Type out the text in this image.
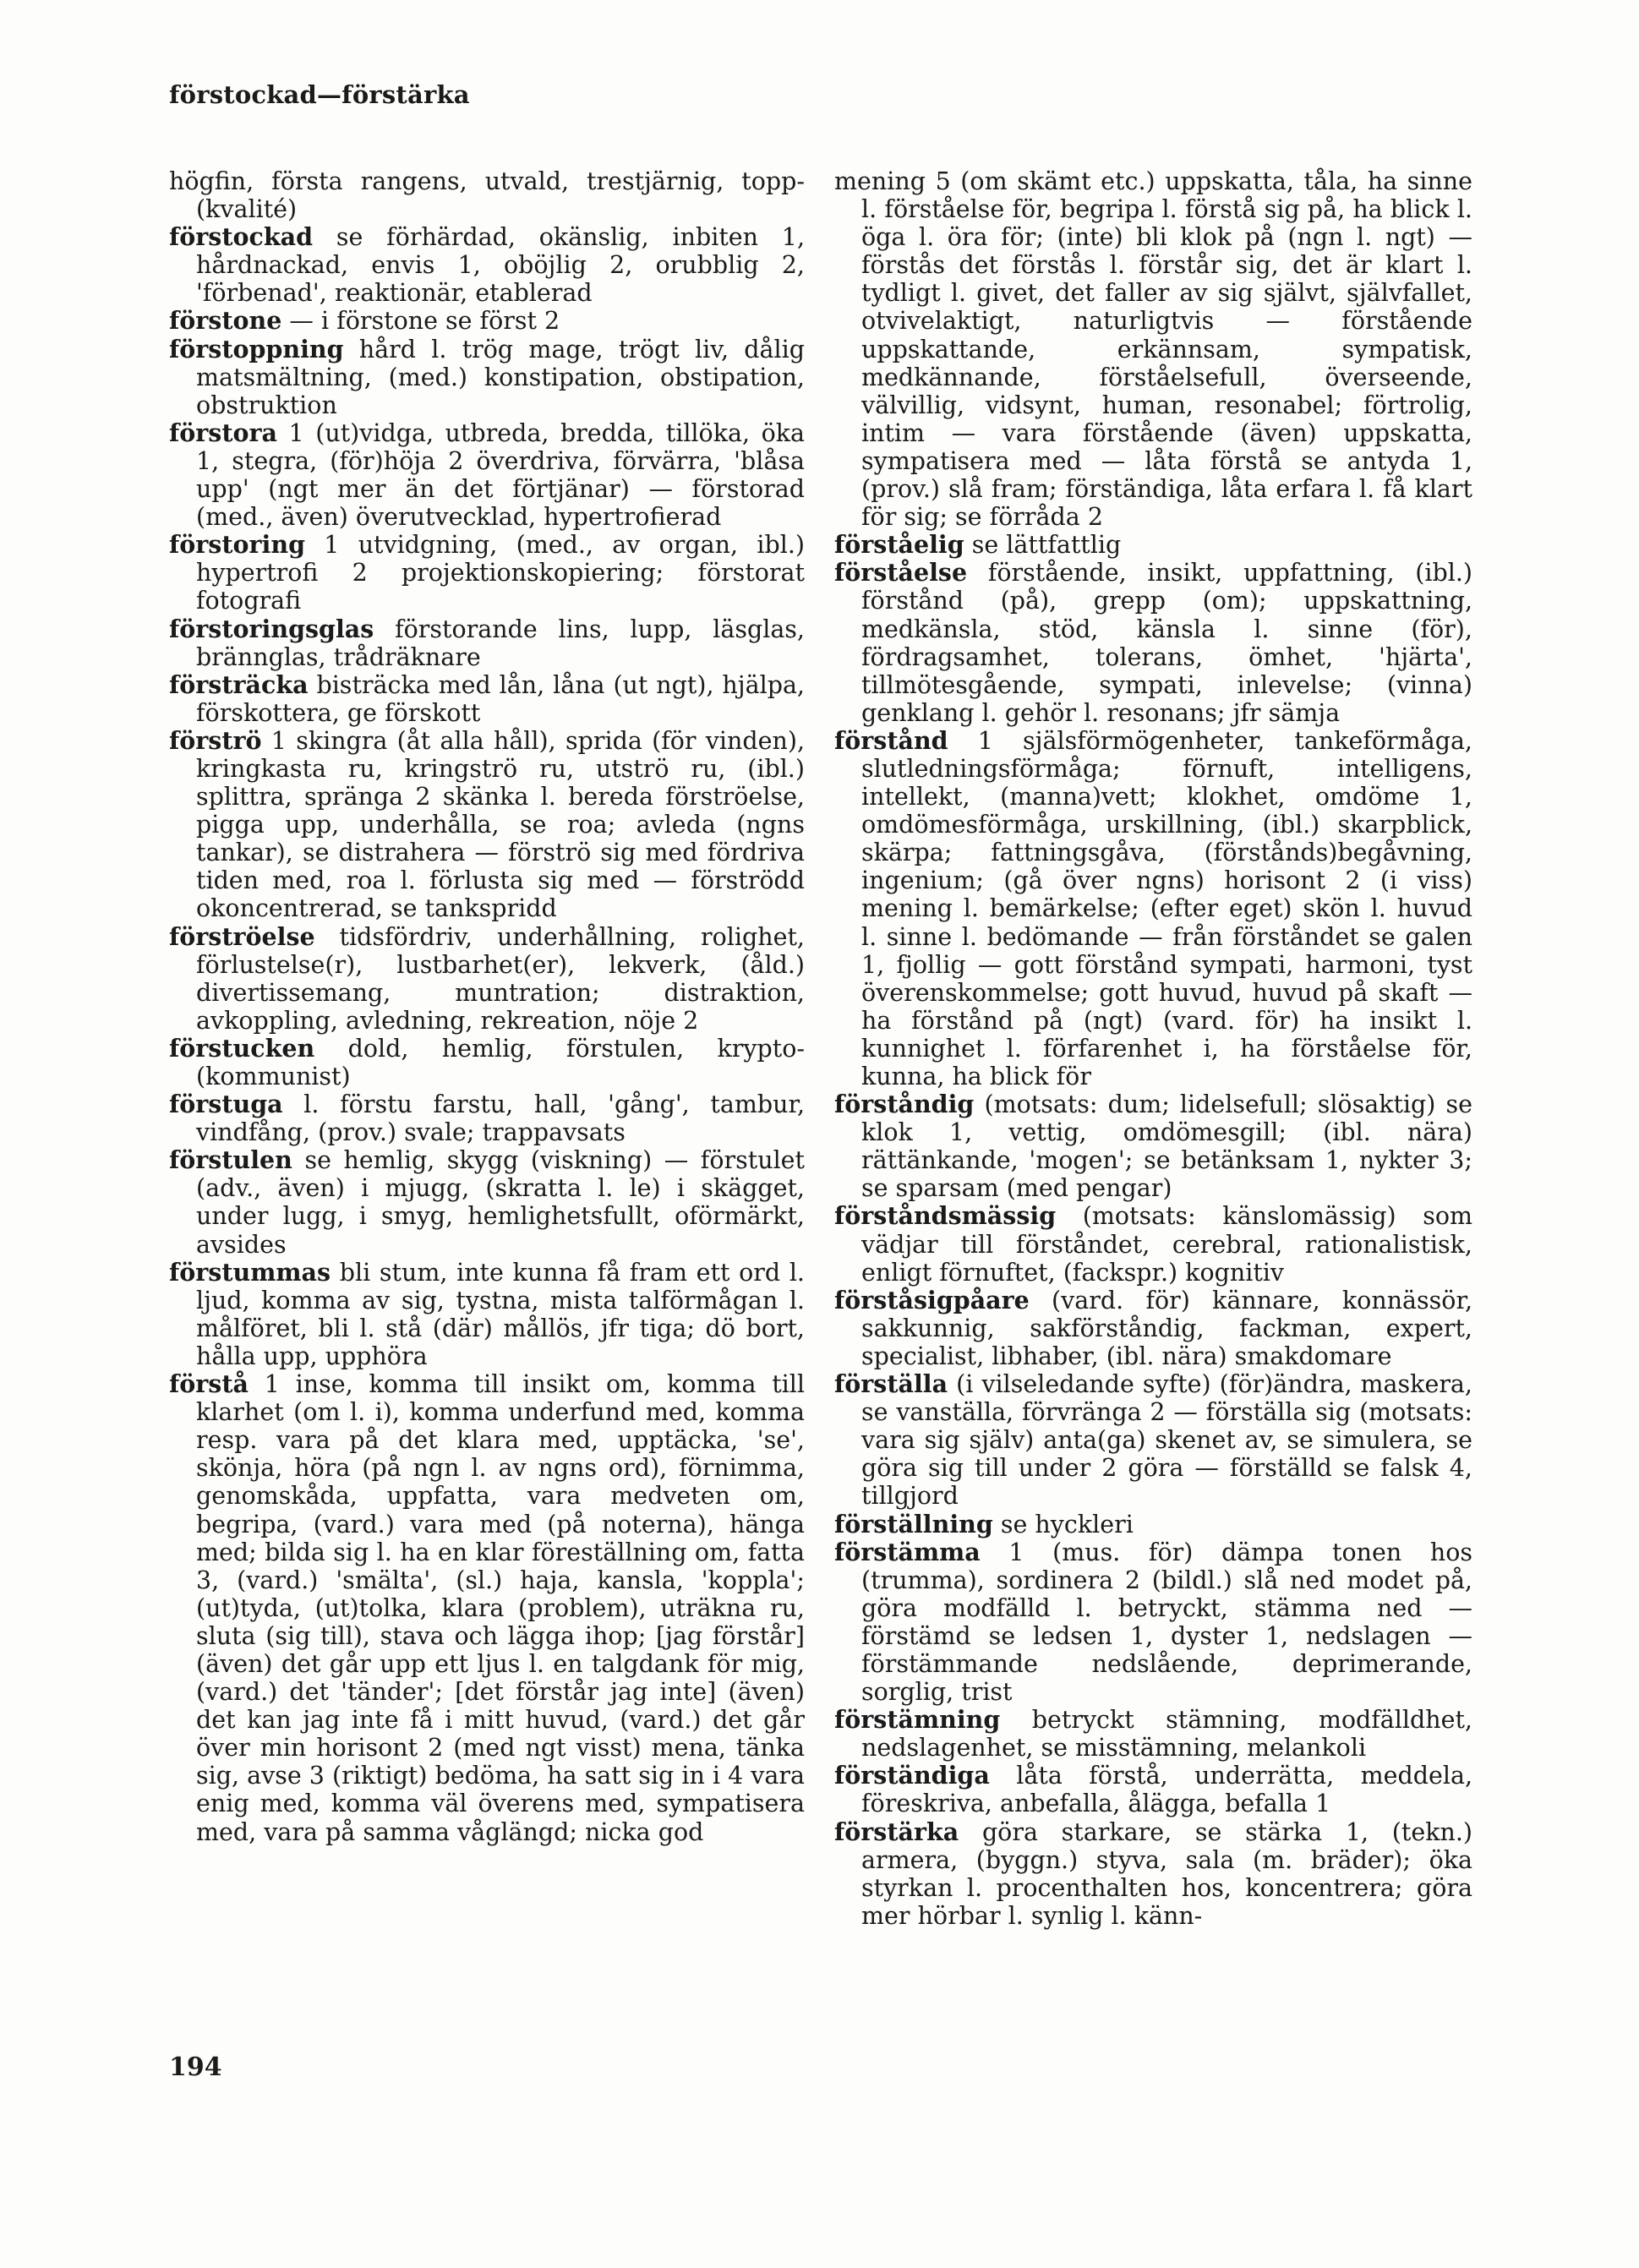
förstockad—förstärka

högfin, första rangens, utvald, trestjärnig, topp-(kvalité)

förstockad se förhärdad, okänslig, inbiten 1, hårdnackad, envis 1, oböjlig 2, orubblig 2, 'förbenad', reaktionär, etablerad

förstone — i förstone se först 2

förstoppning hård l. trög mage, trögt liv, dålig matsmältning, (med.) konstipation, obstipation, obstruktion

förstora 1 (ut)vidga, utbreda, bredda, tillöka, öka 1, stegra, (för)höja 2 överdriva, förvärra, 'blåsa upp' (ngt mer än det förtjänar) — förstorad (med., även) överutvecklad, hypertrofierad

förstoring 1 utvidgning, (med., av organ, ibl.) hypertrofi 2 projektionskopiering; förstorat fotografi

förstoringsglas förstorande lins, lupp, läsglas, brännglas, trådräknare

försträcka bisträcka med lån, låna (ut ngt), hjälpa, förskottera, ge förskott

förströ 1 skingra (åt alla håll), sprida (för vinden), kringkasta ru, kringströ ru, utströ ru, (ibl.) splittra, spränga 2 skänka l. bereda förströelse, pigga upp, underhålla, se roa; avleda (ngns tankar), se distrahera — förströ sig med fördriva tiden med, roa l. förlusta sig med — förströdd okoncentrerad, se tankspridd

förströelse tidsfördriv, underhållning, rolighet, förlustelse(r), lustbarhet(er), lekverk, (åld.) divertissemang, muntration; distraktion, avkoppling, avledning, rekreation, nöje 2

förstucken dold, hemlig, förstulen, krypto-(kommunist)

förstuga l. förstu farstu, hall, 'gång', tambur, vindfång, (prov.) svale; trappavsats

förstulen se hemlig, skygg (viskning) — förstulet (adv., även) i mjugg, (skratta l. le) i skägget, under lugg, i smyg, hemlighetsfullt, oförmärkt, avsides

förstummas bli stum, inte kunna få fram ett ord l. ljud, komma av sig, tystna, mista talförmågan l. målföret, bli l. stå (där) mållös, jfr tiga; dö bort, hålla upp, upphöra

förstå 1 inse, komma till insikt om, komma till klarhet (om l. i), komma underfund med, komma resp. vara på det klara med, upptäcka, 'se', skönja, höra (på ngn l. av ngns ord), förnimma, genomskåda, uppfatta, vara medveten om, begripa, (vard.) vara med (på noterna), hänga med; bilda sig l. ha en klar föreställning om, fatta 3, (vard.) 'smälta', (sl.) haja, kansla, 'koppla'; (ut)tyda, (ut)tolka, klara (problem), uträkna ru, sluta (sig till), stava och lägga ihop; [jag förstår] (även) det går upp ett ljus l. en talgdank för mig, (vard.) det 'tänder'; [det förstår jag inte] (även) det kan jag inte få i mitt huvud, (vard.) det går över min horisont 2 (med ngt visst) mena, tänka sig, avse 3 (riktigt) bedöma, ha satt sig in i 4 vara enig med, komma väl överens med, sympatisera med, vara på samma våglängd; nicka god

mening 5 (om skämt etc.) uppskatta, tåla, ha sinne l. förståelse för, begripa l. förstå sig på, ha blick l. öga l. öra för; (inte) bli klok på (ngn l. ngt) — förstås det förstås l. förstår sig, det är klart l. tydligt l. givet, det faller av sig självt, självfallet, otvivelaktigt, naturligtvis — förstående uppskattande, erkännsam, sympatisk, medkännande, förståelsefull, överseende, välvillig, vidsynt, human, resonabel; förtrolig, intim — vara förstående (även) uppskatta, sympatisera med — låta förstå se antyda 1, (prov.) slå fram; förständiga, låta erfara l. få klart för sig; se förråda 2

förståelig se lättfattlig

förståelse förstående, insikt, uppfattning, (ibl.) förstånd (på), grepp (om); uppskattning, medkänsla, stöd, känsla l. sinne (för), fördragsamhet, tolerans, ömhet, 'hjärta', tillmötesgående, sympati, inlevelse; (vinna) genklang l. gehör l. resonans; jfr sämja

förstånd 1 själsförmögenheter, tankeförmåga, slutledningsförmåga; förnuft, intelligens, intellekt, (manna)vett; klokhet, omdöme 1, omdömesförmåga, urskillning, (ibl.) skarpblick, skärpa; fattningsgåva, (förstånds)begåvning, ingenium; (gå över ngns) horisont 2 (i viss) mening l. bemärkelse; (efter eget) skön l. huvud l. sinne l. bedömande — från förståndet se galen 1, fjollig — gott förstånd sympati, harmoni, tyst överenskommelse; gott huvud, huvud på skaft — ha förstånd på (ngt) (vard. för) ha insikt l. kunnighet l. förfarenhet i, ha förståelse för, kunna, ha blick för

förståndig (motsats: dum; lidelsefull; slösaktig) se klok 1, vettig, omdömesgill; (ibl. nära) rättänkande, 'mogen'; se betänksam 1, nykter 3; se sparsam (med pengar)

förståndsmässig (motsats: känslomässig) som vädjar till förståndet, cerebral, rationalistisk, enligt förnuftet, (fackspr.) kognitiv

förståsigpåare (vard. för) kännare, konnässör, sakkunnig, sakförståndig, fackman, expert, specialist, libhaber, (ibl. nära) smakdomare

förställa (i vilseledande syfte) (för)ändra, maskera, se vanställa, förvränga 2 — förställa sig (motsats: vara sig själv) anta(ga) skenet av, se simulera, se göra sig till under 2 göra — förställd se falsk 4, tillgjord

förställning se hyckleri

förstämma 1 (mus. för) dämpa tonen hos (trumma), sordinera 2 (bildl.) slå ned modet på, göra modfälld l. betryckt, stämma ned — förstämd se ledsen 1, dyster 1, nedslagen — förstämmande nedslående, deprimerande, sorglig, trist

förstämning betryckt stämning, modfälldhet, nedslagenhet, se misstämning, melankoli

förständiga låta förstå, underrätta, meddela, föreskriva, anbefalla, ålägga, befalla 1

förstärka göra starkare, se stärka 1, (tekn.) armera, (byggn.) styva, sala (m. bräder); öka styrkan l. procenthalten hos, koncentrera; göra mer hörbar l. synlig l. känn-

194
